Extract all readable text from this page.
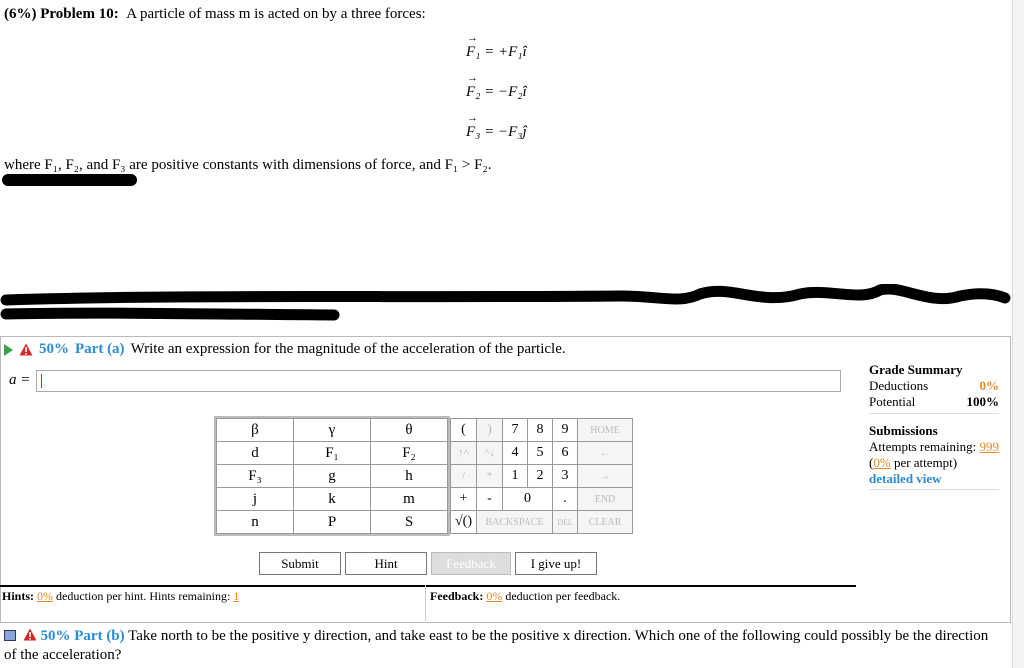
(6%) Problem 10: A particle of mass m is acted on by a three forces:
→ F₁ = +F₁î
→ F₂ = −F₂î
→ F₃ = −F₃ĵ
where F₁, F₂, and F₃ are positive constants with dimensions of force, and F₁ > F₂.
50% Part (a) Write an expression for the magnitude of the acceleration of the particle.
a =
Grade Summary
Deductions	0%
Potential	100%
Submissions
Attempts remaining: 999
(0% per attempt)
detailed view
β	γ	θ
d	F₁	F₂
F₃	g	h
j	k	m
n	P	S
(	)	7	8	9	HOME
↑^	^↓	4	5	6	←
/	*	1	2	3	→
+	-	0		.	END
√()	BACKSPACE			DEL	CLEAR
Submit	Hint	Feedback	I give up!
Hints: 0% deduction per hint. Hints remaining: 1	Feedback: 0% deduction per feedback.
50% Part (b) Take north to be the positive y direction, and take east to be the positive x direction. Which one of the following could possibly be the direction of the acceleration?
